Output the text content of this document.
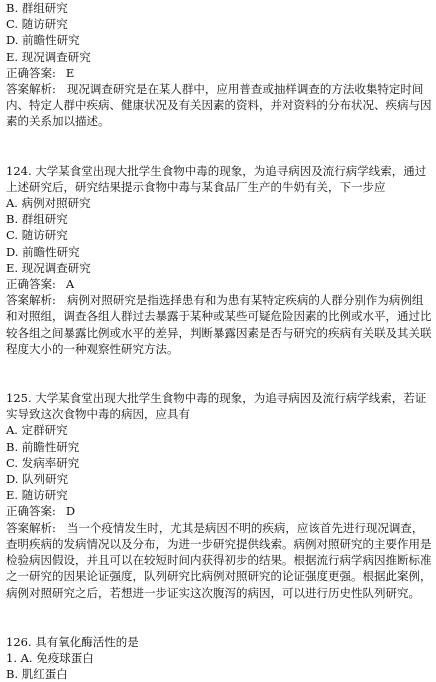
B. 群组研究
C. 随访研究
D. 前瞻性研究
E. 现况调查研究
正确答案: E
答案解析: 现况调查研究是在某人群中，应用普查或抽样调查的方法收集特定时间内、特定人群中疾病、健康状况及有关因素的资料，并对资料的分布状况、疾病与因素的关系加以描述。
124. 大学某食堂出现大批学生食物中毒的现象，为追寻病因及流行病学线索，通过上述研究后，研究结果提示食物中毒与某食品厂生产的牛奶有关，下一步应
A. 病例对照研究
B. 群组研究
C. 随访研究
D. 前瞻性研究
E. 现况调查研究
正确答案: A
答案解析: 病例对照研究是指选择患有和为患有某特定疾病的人群分别作为病例组和对照组，调查各组人群过去暴露于某种或某些可疑危险因素的比例或水平，通过比较各组之间暴露比例或水平的差异，判断暴露因素是否与研究的疾病有关联及其关联程度大小的一种观察性研究方法。
125. 大学某食堂出现大批学生食物中毒的现象，为追寻病因及流行病学线索，若证实导致这次食物中毒的病因，应具有
A. 定群研究
B. 前瞻性研究
C. 发病率研究
D. 队列研究
E. 随访研究
正确答案: D
答案解析: 当一个疫情发生时，尤其是病因不明的疾病，应该首先进行现况调查，查明疾病的发病情况以及分布，为进一步研究提供线索。病例对照研究的主要作用是检验病因假设，并且可以在较短时间内获得初步的结果。根据流行病学病因推断标准之一研究的因果论证强度，队列研究比病例对照研究的论证强度更强。根据此案例，病例对照研究之后，若想进一步证实这次腹泻的病因，可以进行历史性队列研究。
126. 具有氧化酶活性的是
1. A. 免疫球蛋白
B. 肌红蛋白
